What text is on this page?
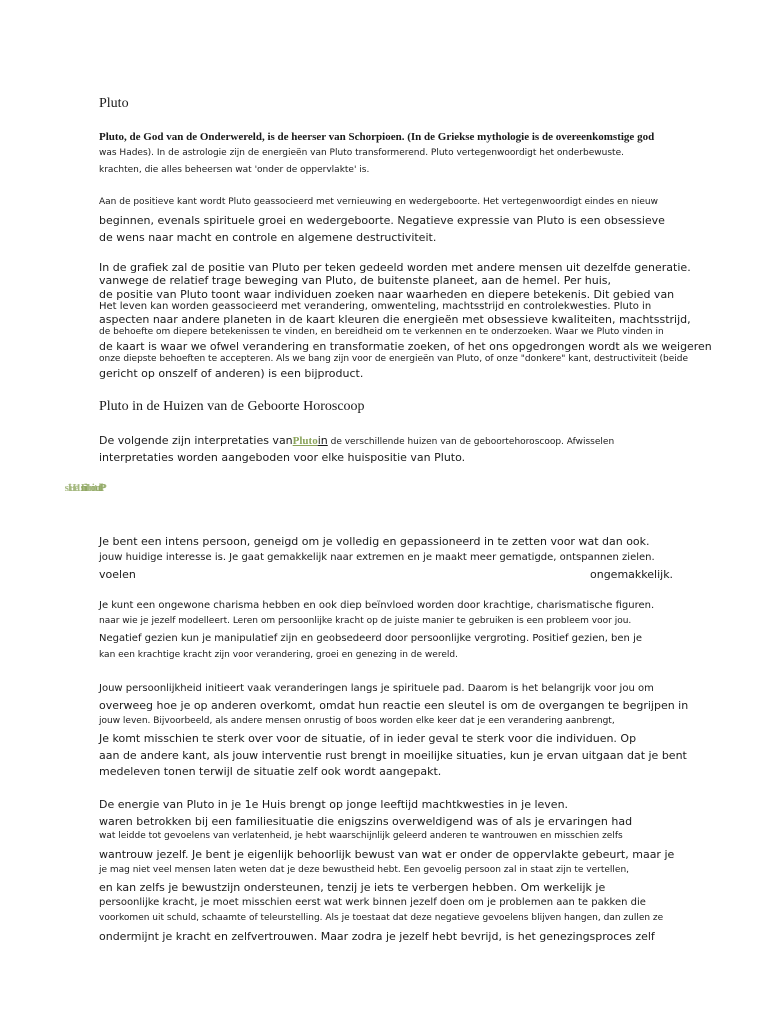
Pluto
Pluto, de God van de Onderwereld, is de heerser van Schorpioen. (In de Griekse mythologie is de overeenkomstige god
was Hades). In de astrologie zijn de energieën van Pluto transformerend. Pluto vertegenwoordigt het onderbewuste.
krachten, die alles beheersen wat 'onder de oppervlakte' is.
Aan de positieve kant wordt Pluto geassocieerd met vernieuwing en wedergeboorte. Het vertegenwoordigt eindes en nieuw
beginnen, evenals spirituele groei en wedergeboorte. Negatieve expressie van Pluto is een obsessieve
de wens naar macht en controle en algemene destructiviteit.
In de grafiek zal de positie van Pluto per teken gedeeld worden met andere mensen uit dezelfde generatie.
vanwege de relatief trage beweging van Pluto, de buitenste planeet, aan de hemel. Per huis,
de positie van Pluto toont waar individuen zoeken naar waarheden en diepere betekenis. Dit gebied van
Het leven kan worden geassocieerd met verandering, omwenteling, machtsstrijd en controlekwesties. Pluto in
aspecten naar andere planeten in de kaart kleuren die energieën met obsessieve kwaliteiten, machtsstrijd,
de behoefte om diepere betekenissen te vinden, en bereidheid om te verkennen en te onderzoeken. Waar we Pluto vinden in
de kaart is waar we ofwel verandering en transformatie zoeken, of het ons opgedrongen wordt als we weigeren
onze diepste behoeften te accepteren. Als we bang zijn voor de energieën van Pluto, of onze "donkere" kant, destructiviteit (beide
gericht op onszelf of anderen) is een bijproduct.
Pluto in de Huizen van de Geboorte Horoscoop
De volgende zijn interpretaties vanPlutoin de verschillende huizen van de geboortehoroscoop. Afwisselen
interpretaties worden aangeboden voor elke huispositie van Pluto.
Je bent een intens persoon, geneigd om je volledig en gepassioneerd in te zetten voor wat dan ook.
jouw huidige interesse is. Je gaat gemakkelijk naar extremen en je maakt meer gematigde, ontspannen zielen.
voelen	ongemakkelijk.
Je kunt een ongewone charisma hebben en ook diep beïnvloed worden door krachtige, charismatische figuren.
naar wie je jezelf modelleert. Leren om persoonlijke kracht op de juiste manier te gebruiken is een probleem voor jou.
Negatief gezien kun je manipulatief zijn en geobsedeerd door persoonlijke vergroting. Positief gezien, ben je
kan een krachtige kracht zijn voor verandering, groei en genezing in de wereld.
Jouw persoonlijkheid initieert vaak veranderingen langs je spirituele pad. Daarom is het belangrijk voor jou om
overweeg hoe je op anderen overkomt, omdat hun reactie een sleutel is om de overgangen te begrijpen in
jouw leven. Bijvoorbeeld, als andere mensen onrustig of boos worden elke keer dat je een verandering aanbrengt,
Je komt misschien te sterk over voor de situatie, of in ieder geval te sterk voor die individuen. Op
aan de andere kant, als jouw interventie rust brengt in moeilijke situaties, kun je ervan uitgaan dat je bent
medeleven tonen terwijl de situatie zelf ook wordt aangepakt.
De energie van Pluto in je 1e Huis brengt op jonge leeftijd machtkwesties in je leven.
waren betrokken bij een familiesituatie die enigszins overweldigend was of als je ervaringen had
wat leidde tot gevoelens van verlatenheid, je hebt waarschijnlijk geleerd anderen te wantrouwen en misschien zelfs
wantrouw jezelf. Je bent je eigenlijk behoorlijk bewust van wat er onder de oppervlakte gebeurt, maar je
je mag niet veel mensen laten weten dat je deze bewustheid hebt. Een gevoelig persoon zal in staat zijn te vertellen,
en kan zelfs je bewustzijn ondersteunen, tenzij je iets te verbergen hebben. Om werkelijk je
persoonlijke kracht, je moet misschien eerst wat werk binnen jezelf doen om je problemen aan te pakken die
voorkomen uit schuld, schaamte of teleurstelling. Als je toestaat dat deze negatieve gevoelens blijven hangen, dan zullen ze
ondermijnt je kracht en zelfvertrouwen. Maar zodra je jezelf hebt bevrijd, is het genezingsproces zelf
